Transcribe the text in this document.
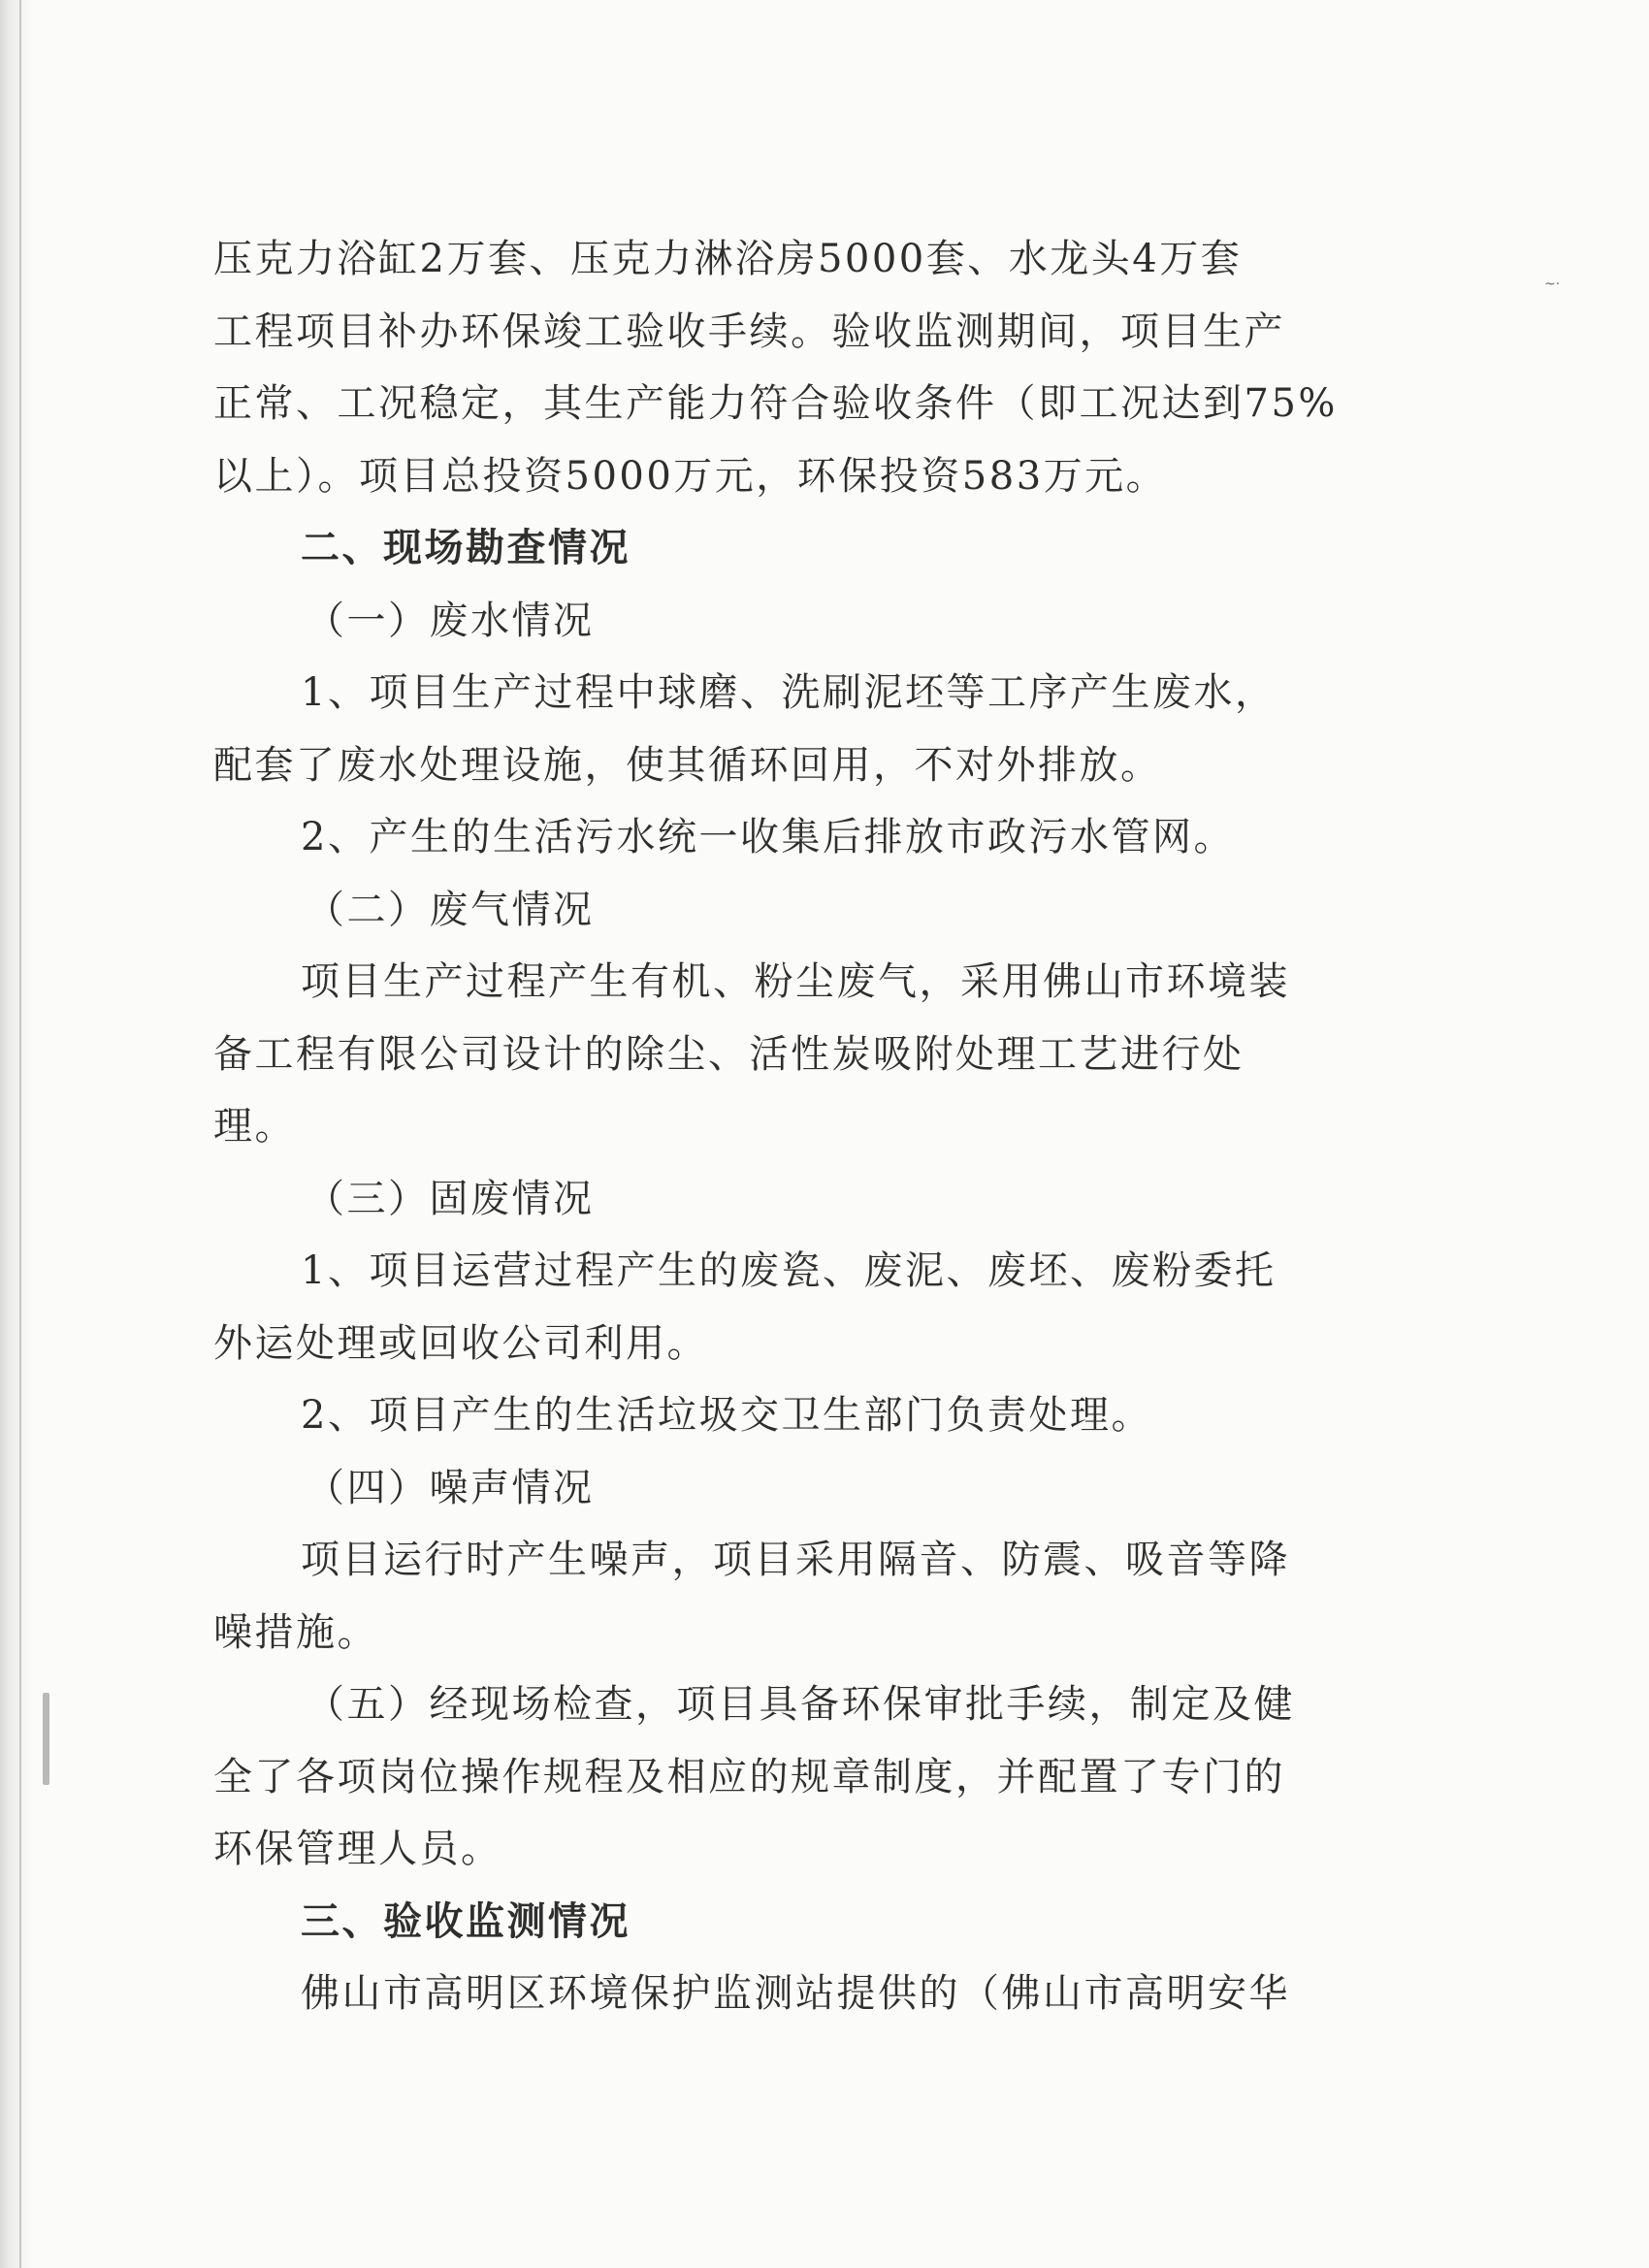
~·
压克力浴缸2万套、压克力淋浴房5000套、水龙头4万套
工程项目补办环保竣工验收手续。验收监测期间，项目生产
正常、工况稳定，其生产能力符合验收条件（即工况达到75%
以上）。项目总投资5000万元，环保投资583万元。
二、现场勘查情况
（一）废水情况
1、项目生产过程中球磨、洗刷泥坯等工序产生废水，
配套了废水处理设施，使其循环回用，不对外排放。
2、产生的生活污水统一收集后排放市政污水管网。
（二）废气情况
项目生产过程产生有机、粉尘废气，采用佛山市环境装
备工程有限公司设计的除尘、活性炭吸附处理工艺进行处
理。
（三）固废情况
1、项目运营过程产生的废瓷、废泥、废坯、废粉委托
外运处理或回收公司利用。
2、项目产生的生活垃圾交卫生部门负责处理。
（四）噪声情况
项目运行时产生噪声，项目采用隔音、防震、吸音等降
噪措施。
（五）经现场检查，项目具备环保审批手续，制定及健
全了各项岗位操作规程及相应的规章制度，并配置了专门的
环保管理人员。
三、验收监测情况
佛山市高明区环境保护监测站提供的（佛山市高明安华
